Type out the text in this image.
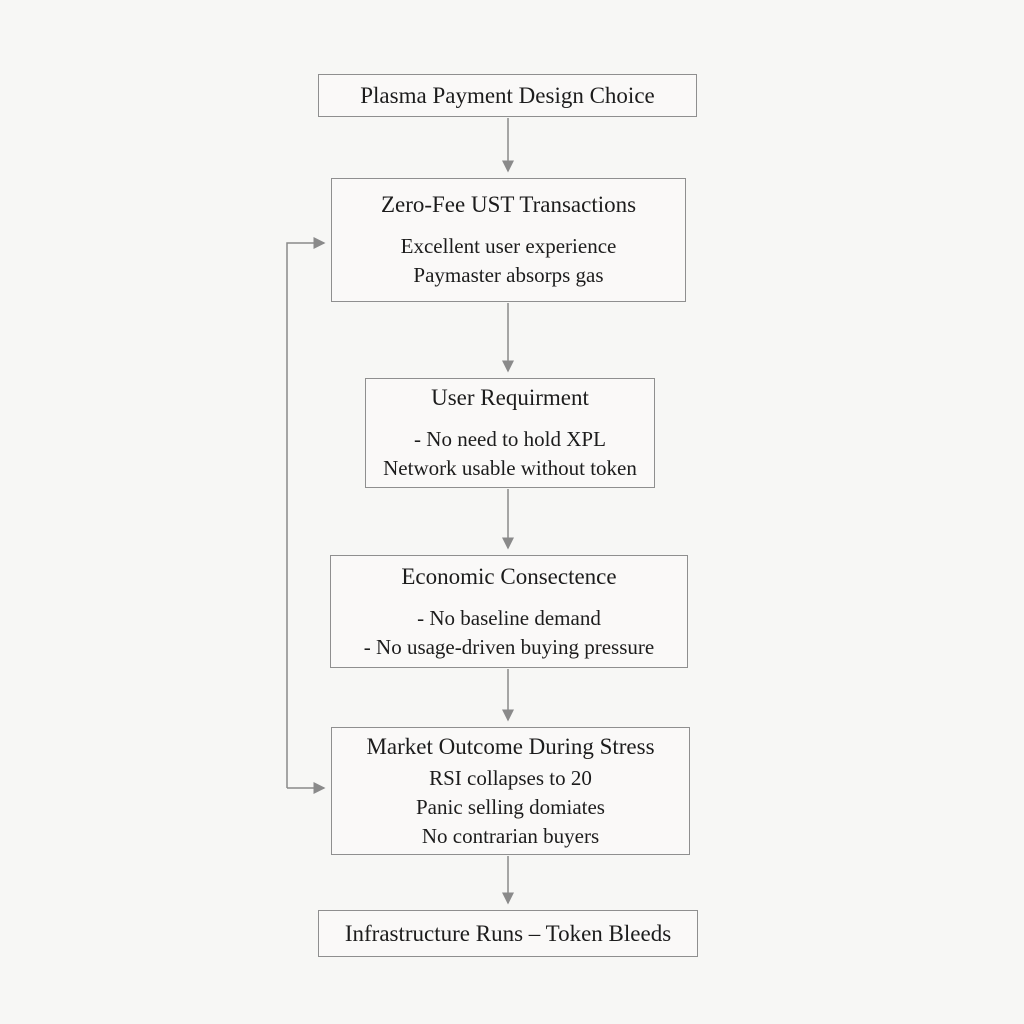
Plasma Payment Design Choice
Zero-Fee UST Transactions
Excellent user experience
Paymaster absorps gas
User Requirment
- No need to hold XPL
Network usable without token
Economic Consectence
- No baseline demand
- No usage-driven buying pressure
Market Outcome During Stress
RSI collapses to 20
Panic selling domiates
No contrarian buyers
Infrastructure Runs – Token Bleeds
